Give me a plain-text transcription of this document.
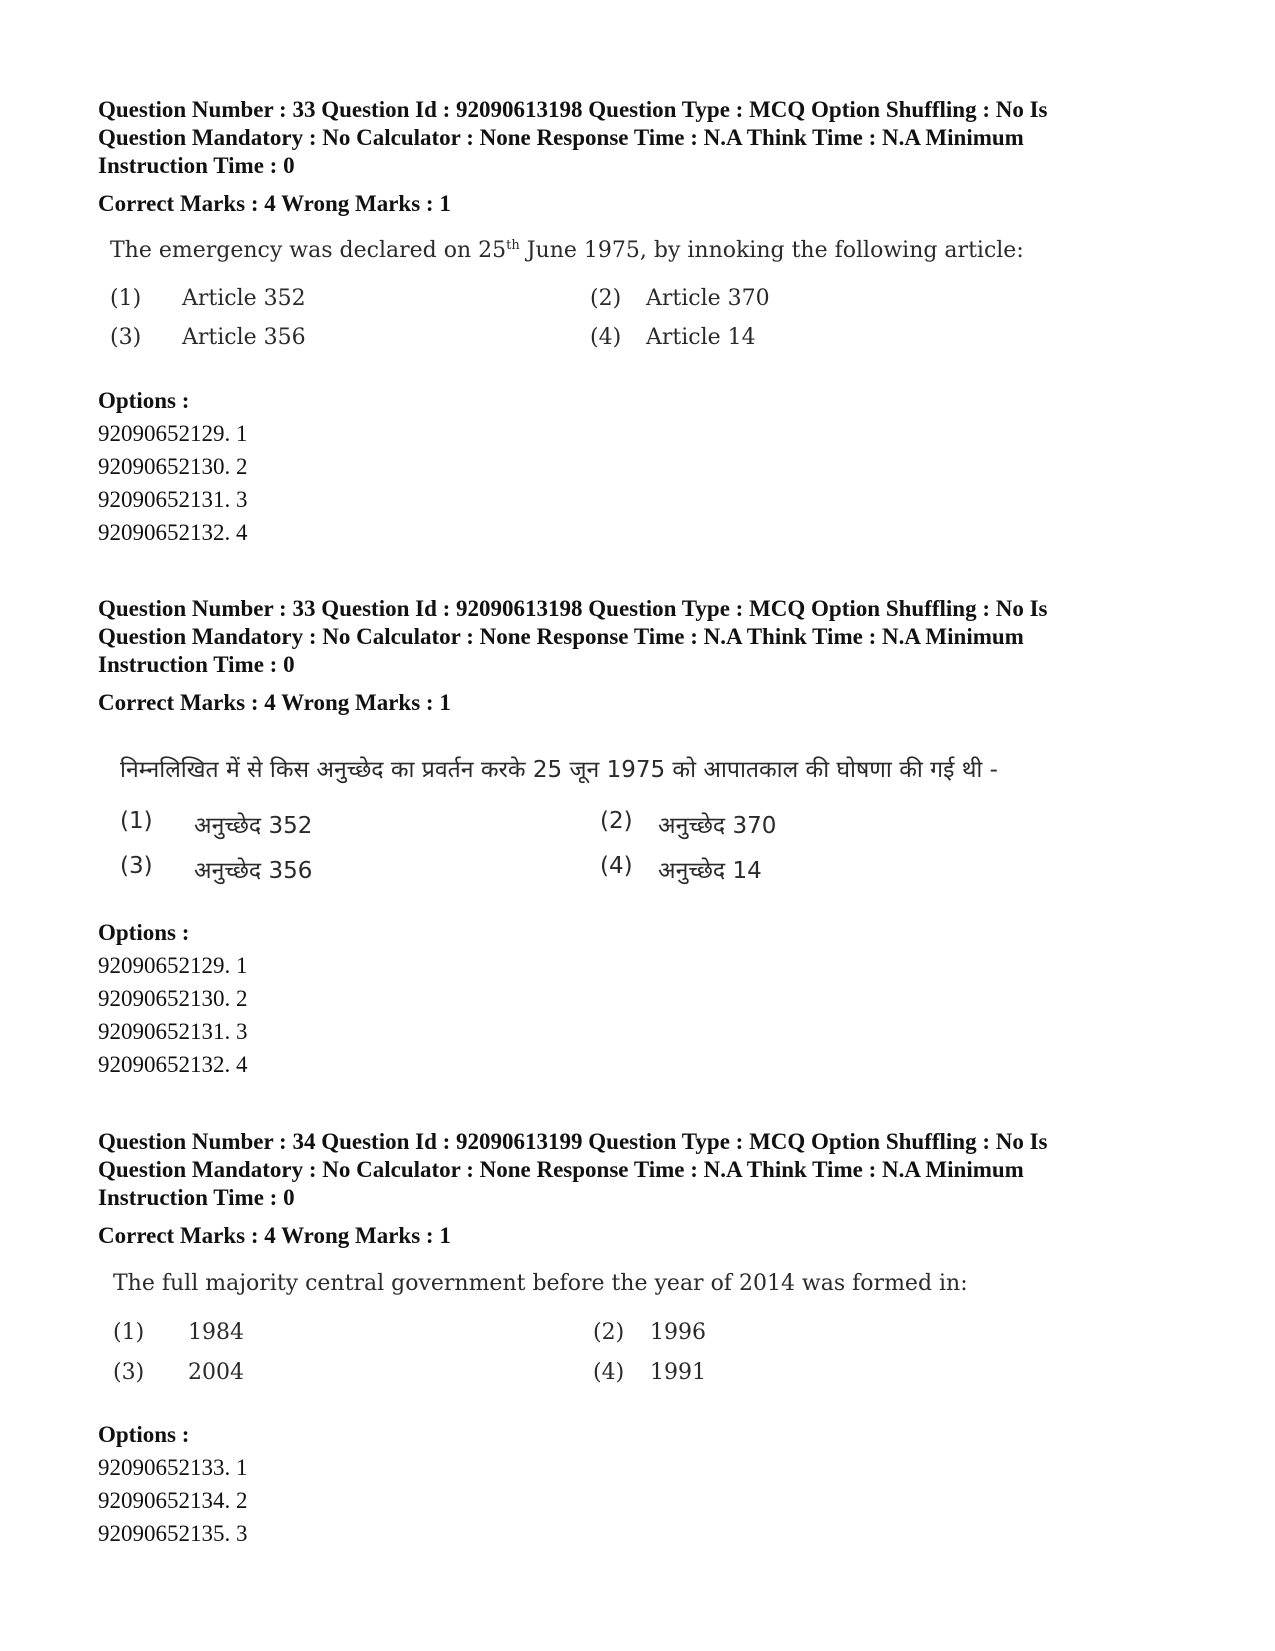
Question Number : 33 Question Id : 92090613198 Question Type : MCQ Option Shuffling : No Is
Question Mandatory : No Calculator : None Response Time : N.A Think Time : N.A Minimum
Instruction Time : 0
Correct Marks : 4 Wrong Marks : 1
The emergency was declared on 25th June 1975, by innoking the following article:
(1) Article 352	(2) Article 370
(3) Article 356	(4) Article 14
Options :
92090652129. 1
92090652130. 2
92090652131. 3
92090652132. 4
Question Number : 33 Question Id : 92090613198 Question Type : MCQ Option Shuffling : No Is
Question Mandatory : No Calculator : None Response Time : N.A Think Time : N.A Minimum
Instruction Time : 0
Correct Marks : 4 Wrong Marks : 1
निम्नलिखित में से किस अनुच्छेद का प्रवर्तन करके 25 जून 1975 को आपातकाल की घोषणा की गई थी -
(1) अनुच्छेद 352	(2) अनुच्छेद 370
(3) अनुच्छेद 356	(4) अनुच्छेद 14
Options :
92090652129. 1
92090652130. 2
92090652131. 3
92090652132. 4
Question Number : 34 Question Id : 92090613199 Question Type : MCQ Option Shuffling : No Is
Question Mandatory : No Calculator : None Response Time : N.A Think Time : N.A Minimum
Instruction Time : 0
Correct Marks : 4 Wrong Marks : 1
The full majority central government before the year of 2014 was formed in:
(1) 1984	(2) 1996
(3) 2004	(4) 1991
Options :
92090652133. 1
92090652134. 2
92090652135. 3
